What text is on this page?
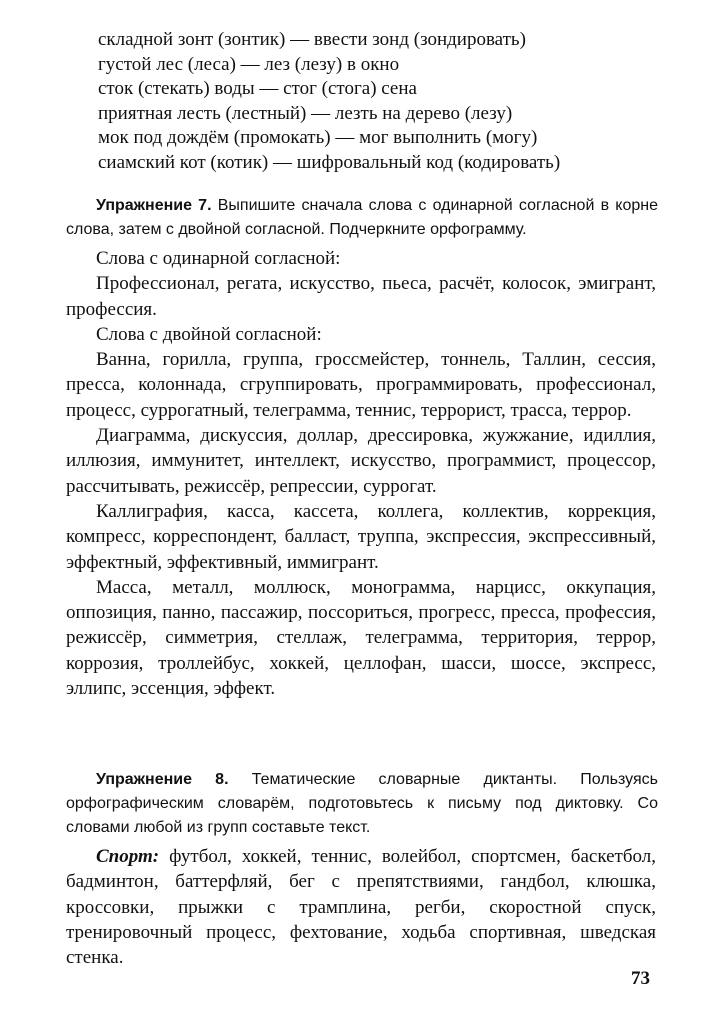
складной зонт (зонтик) — ввести зонд (зондировать)
густой лес (леса) — лез (лезу) в окно
сток (стекать) воды — стог (стога) сена
приятная лесть (лестный) — лезть на дерево (лезу)
мок под дождём (промокать) — мог выполнить (могу)
сиамский кот (котик) — шифровальный код (кодировать)
Упражнение 7. Выпишите сначала слова с одинарной согласной в корне слова, затем с двойной согласной. Подчеркните орфограмму.

Слова с одинарной согласной:

Профессионал, регата, искусство, пьеса, расчёт, колосок, эмигрант, профессия.

Слова с двойной согласной:

Ванна, горилла, группа, гроссмейстер, тоннель, Таллин, сессия, пресса, колоннада, сгруппировать, программировать, профессионал, процесс, суррогатный, телеграмма, теннис, террорист, трасса, террор.

Диаграмма, дискуссия, доллар, дрессировка, жужжание, идиллия, иллюзия, иммунитет, интеллект, искусство, программист, процессор, рассчитывать, режиссёр, репрессии, суррогат.

Каллиграфия, касса, кассета, коллега, коллектив, коррекция, компресс, корреспондент, балласт, труппа, экспрессия, экспрессивный, эффектный, эффективный, иммигрант.

Масса, металл, моллюск, монограмма, нарцисс, оккупация, оппозиция, панно, пассажир, поссориться, прогресс, пресса, профессия, режиссёр, симметрия, стеллаж, телеграмма, территория, террор, коррозия, троллейбус, хоккей, целлофан, шасси, шоссе, экспресс, эллипс, эссенция, эффект.

Упражнение 8. Тематические словарные диктанты. Пользуясь орфографическим словарём, подготовьтесь к письму под диктовку. Со словами любой из групп составьте текст.

Спорт: футбол, хоккей, теннис, волейбол, спортсмен, баскетбол, бадминтон, баттерфляй, бег с препятствиями, гандбол, клюшка, кроссовки, прыжки с трамплина, регби, скоростной спуск, тренировочный процесс, фехтование, ходьба спортивная, шведская стенка.

73
